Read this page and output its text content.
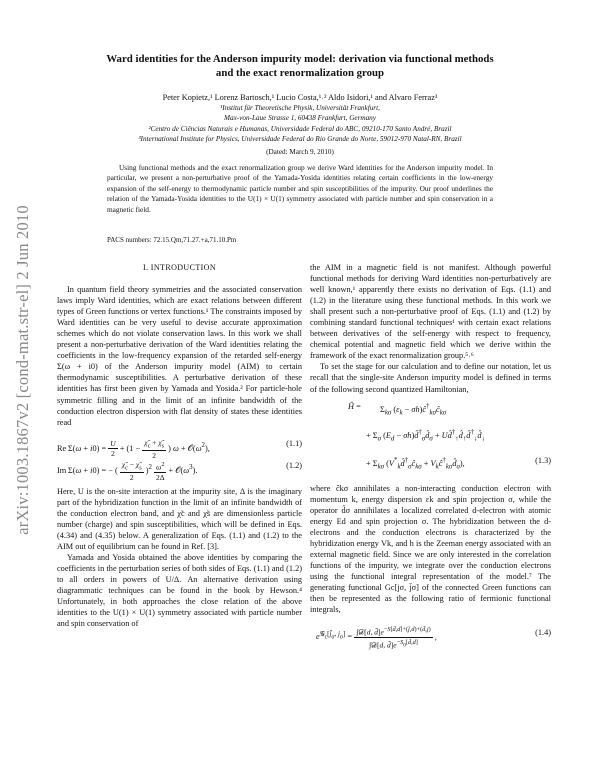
arXiv:1003.1867v2 [cond-mat.str-el] 2 Jun 2010
Ward identities for the Anderson impurity model: derivation via functional methods
and the exact renormalization group
Peter Kopietz,¹ Lorenz Bartosch,¹ Lucio Costa,¹˒² Aldo Isidori,¹ and Alvaro Ferraz³
¹Institut für Theoretische Physik, Universität Frankfurt,
Max-von-Laue Strasse 1, 60438 Frankfurt, Germany
²Centro de Ciências Naturais e Humanas, Universidade Federal do ABC, 09210-170 Santo André, Brazil
³International Institute for Physics, Universidade Federal do Rio Grande do Norte, 59012-970 Natal-RN, Brazil
(Dated: March 9, 2010)

Using functional methods and the exact renormalization group we derive Ward identities for the Anderson impurity model. In particular, we present a non-perturbative proof of the Yamada-Yosida identities relating certain coefficients in the low-energy expansion of the self-energy to thermodynamic particle number and spin susceptibilities of the impurity. Our proof underlines the relation of the Yamada-Yosida identities to the U(1) × U(1) symmetry associated with particle number and spin conservation in a magnetic field.

PACS numbers: 72.15.Qm,71.27.+a,71.10.Pm
I. INTRODUCTION

In quantum field theory symmetries and the associated conservation laws imply Ward identities, which are exact relations between different types of Green functions or vertex functions.¹ The constraints imposed by Ward identities can be very useful to devise accurate approximation schemes which do not violate conservation laws. In this work we shall present a non-perturbative derivation of the Ward identities relating the coefficients in the low-frequency expansion of the retarded self-energy Σ(ω + i0) of the Anderson impurity model (AIM) to certain thermodynamic susceptibilities. A perturbative derivation of these identities has first been given by Yamada and Yosida.² For particle-hole symmetric filling and in the limit of an infinite bandwidth of the conduction electron dispersion with flat density of states these identities read

Re $\Sigma(\omega + i0) = \frac{U}{2} + (1 - \frac{\chĩ_c + \chĩ_s}{2}$ ) $\omega + 𝒪(\omega^2)$,
(1.1)
Im Σ(ω + i0) = − ( $\frac{\chĩ_c - \chĩ_s}{2} )^2 \frac{\omega^2}{2\Delta}$ + $𝒪(\omega^3)$.
(1.2)

Here, U is the on-site interaction at the impurity site, Δ is the imaginary part of the hybridization function in the limit of an infinite bandwidth of the conduction electron band, and χ̃c and χ̃s are dimensionless particle number (charge) and spin susceptibilities, which will be defined in Eqs. (4.34) and (4.35) below. A generalization of Eqs. (1.1) and (1.2) to the AIM out of equilibrium can be found in Ref. [3].

Yamada and Yosida obtained the above identities by comparing the coefficients in the perturbation series of both sides of Eqs. (1.1) and (1.2) to all orders in powers of U/Δ. An alternative derivation using diagrammatic techniques can be found in the book by Hewson.⁴ Unfortunately, in both approaches the close relation of the above identities to the U(1) × U(1) symmetry associated with particle number and spin conservation of

the AIM in a magnetic field is not manifest. Although powerful functional methods for deriving Ward identities non-perturbatively are well known,¹ apparently there exists no derivation of Eqs. (1.1) and (1.2) in the literature using these functional methods. In this work we shall present such a non-perturbative proof of Eqs. (1.1) and (1.2) by combining standard functional techniques¹ with certain exact relations between derivatives of the self-energy with respect to frequency, chemical potential and magnetic field which we derive within the framework of the exact renormalization group.⁵˒⁶

To set the stage for our calculation and to define our notation, let us recall that the single-site Anderson impurity model is defined in terms of the following second quantized Hamiltonian,

Ĥ = $\Sigma_{k\sigma}$ ($\varepsilon_k$ − $\sigma h)ĉ^\dagger_{k\sigma}ĉ_{k\sigma}$
+ $\Sigma_\sigma$ ($E_d$ − $\sigma h)d̂^\dagger_\sigma d̂_\sigma$ + $Ud̂^\dagger_↑d̂_↑d̂^\dagger_↓d̂_↓$
+ $\Sigma_{k\sigma}$ ($V^*_kd̂^\dagger_\sigma ĉ_{k\sigma}$ + $V_kĉ^\dagger_{k\sigma}d̂_\sigma$),	(1.3)

where ĉkσ annihilates a non-interacting conduction electron with momentum k, energy dispersion εk and spin projection σ, while the operator d̂σ annihilates a localized correlated d-electron with atomic energy Ed and spin projection σ. The hybridization between the d-electrons and the conduction electrons is characterized by the hybridization energy Vk, and h is the Zeeman energy associated with an external magnetic field. Since we are only interested in the correlation functions of the impurity, we integrate over the conduction electrons using the functional integral representation of the model.⁷ The generating functional Gc[jσ, j̄σ] of the connected Green functions can then be represented as the following ratio of fermionic functional integrals,

$e^{𝒢_c[j̄_\sigma, j_\sigma]} = \frac{\int 𝒟[d, d̄]e^{-S[d̄,d]+(j̄,d)+(d̄,j)}}{\int 𝒟[d, d̄]e^{-S_0[d̄,d]}}$ ,	(1.4)
